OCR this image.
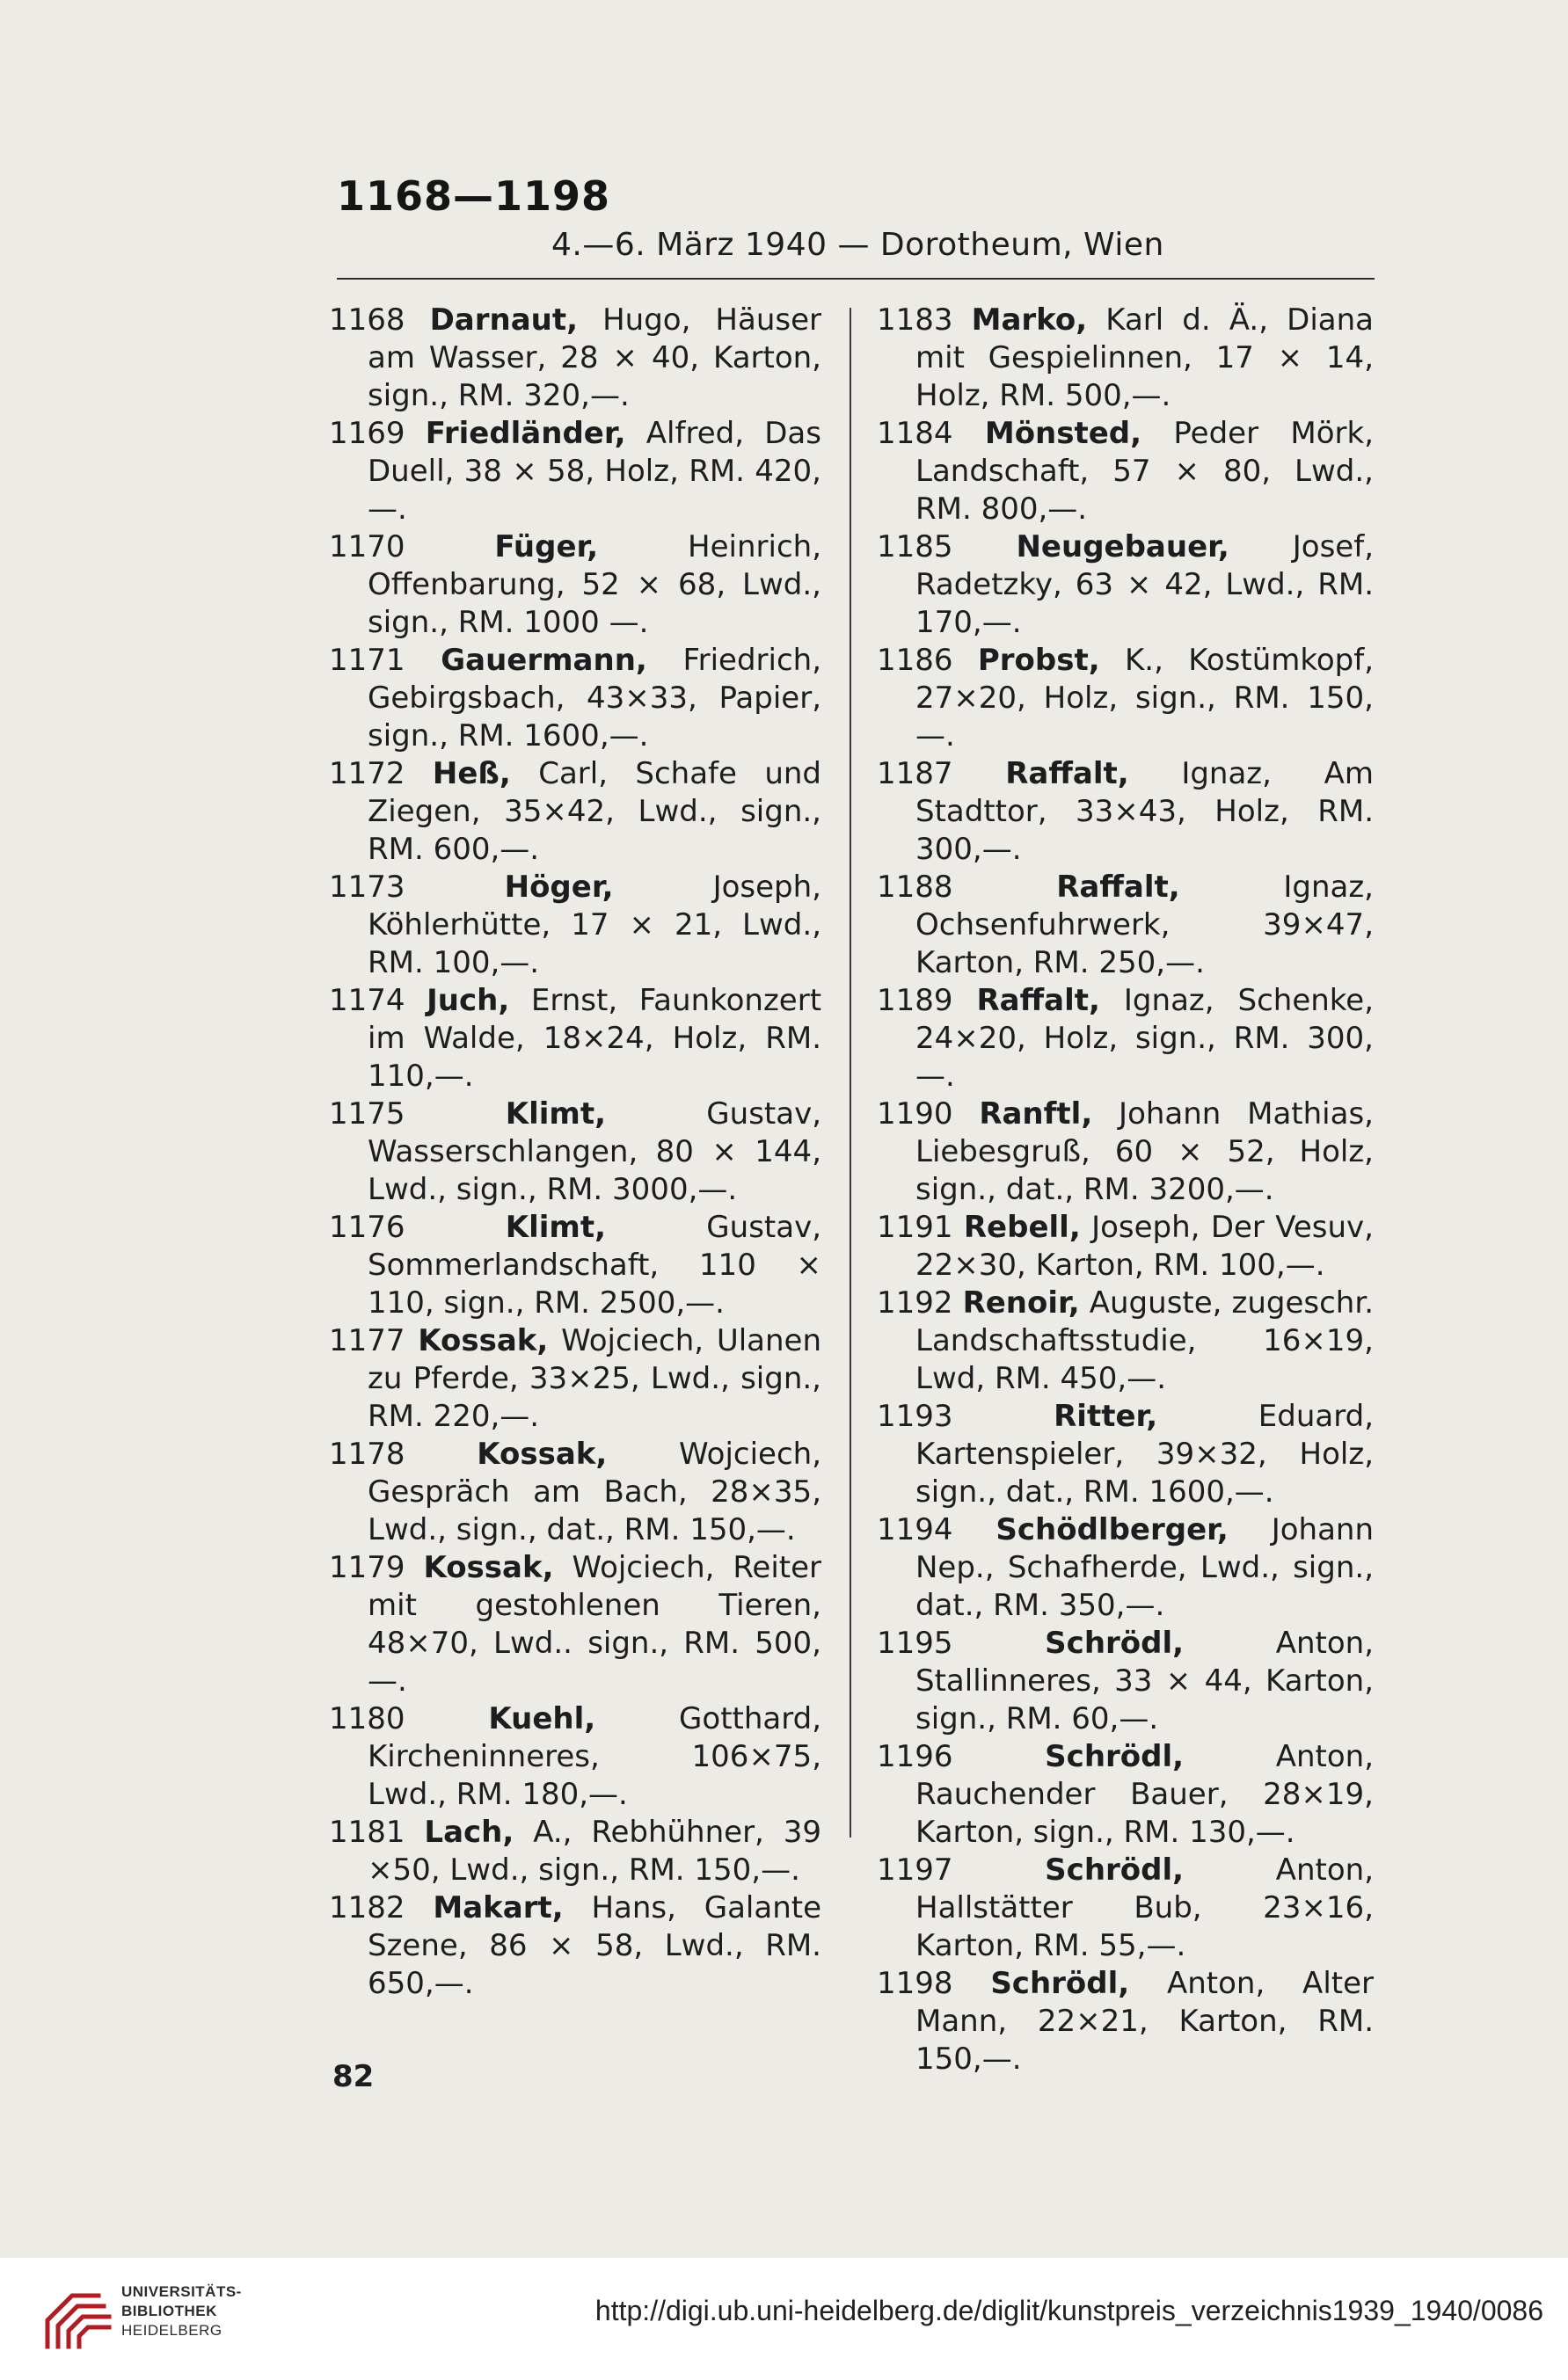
1168—1198
4.—6. März 1940 — Dorotheum, Wien

1168 Darnaut, Hugo, Häuser am Wasser, 28 × 40, Karton, sign., RM. 320,—.

1169 Friedländer, Alfred, Das Duell, 38 × 58, Holz, RM. 420,—.

1170	Füger,	Heinrich, Offenbarung, 52 × 68, Lwd., sign., RM. 1000 —.

1171 Gauermann, Friedrich, Gebirgsbach, 43×33, Papier, sign., RM. 1600,—.

1172 Heß, Carl, Schafe und Ziegen, 35×42, Lwd., sign., RM. 600,—.

1173	Höger,	Joseph, Köhlerhütte, 17 × 21, Lwd., RM. 100,—.

1174 Juch, Ernst, Faunkonzert im Walde, 18×24, Holz, RM. 110,—.

1175	Klimt,	Gustav, Wasserschlangen, 80 × 144, Lwd., sign., RM. 3000,—.

1176	Klimt,	Gustav, Sommerlandschaft, 110 × 110, sign., RM. 2500,—.

1177 Kossak, Wojciech, Ulanen zu Pferde, 33×25, Lwd., sign., RM. 220,—.

1178 Kossak, Wojciech, Gespräch am Bach, 28×35, Lwd., sign., dat., RM. 150,—.

1179 Kossak, Wojciech, Reiter mit gestohlenen Tieren, 48×70, Lwd.. sign., RM. 500,—.

1180	Kuehl,	Gotthard, Kircheninneres, 106×75, Lwd., RM. 180,—.

1181 Lach, A., Rebhühner, 39 ×50, Lwd., sign., RM. 150,—.

1182 Makart, Hans, Galante Szene, 86 × 58, Lwd., RM. 650,—.

1183 Marko, Karl d. Ä., Diana mit Gespielinnen, 17 × 14, Holz, RM. 500,—.

1184 Mönsted, Peder Mörk, Landschaft, 57 × 80, Lwd., RM. 800,—.

1185 Neugebauer, Josef, Radetzky, 63 × 42, Lwd., RM. 170,—.

1186 Probst, K., Kostümkopf, 27×20, Holz, sign., RM. 150,—.

1187 Raffalt, Ignaz, Am Stadttor, 33×43, Holz, RM. 300,—.

1188	Raffalt,	Ignaz, Ochsenfuhrwerk, 39×47, Karton, RM. 250,—.

1189 Raffalt, Ignaz, Schenke, 24×20, Holz, sign., RM. 300,—.

1190 Ranftl, Johann Mathias, Liebesgruß, 60 × 52, Holz, sign., dat., RM. 3200,—.

1191 Rebell, Joseph, Der Vesuv, 22×30, Karton, RM. 100,—.

1192 Renoir, Auguste, zugeschr. Landschaftsstudie, 16×19, Lwd, RM. 450,—.

1193	Ritter,	Eduard, Kartenspieler, 39×32, Holz, sign., dat., RM. 1600,—.

1194 Schödlberger, Johann Nep., Schafherde, Lwd., sign., dat., RM. 350,—.

1195	Schrödl,	Anton, Stallinneres, 33 × 44, Karton, sign., RM. 60,—.

1196	Schrödl,	Anton, Rauchender Bauer, 28×19, Karton, sign., RM. 130,—.

1197	Schrödl,	Anton, Hallstätter Bub, 23×16, Karton, RM. 55,—.

1198 Schrödl, Anton, Alter Mann, 22×21, Karton, RM. 150,—.

82
UNIVERSITÄTS-
BIBLIOTHEK
HEIDELBERG
http://digi.ub.uni-heidelberg.de/diglit/kunstpreis_verzeichnis1939_1940/0086
